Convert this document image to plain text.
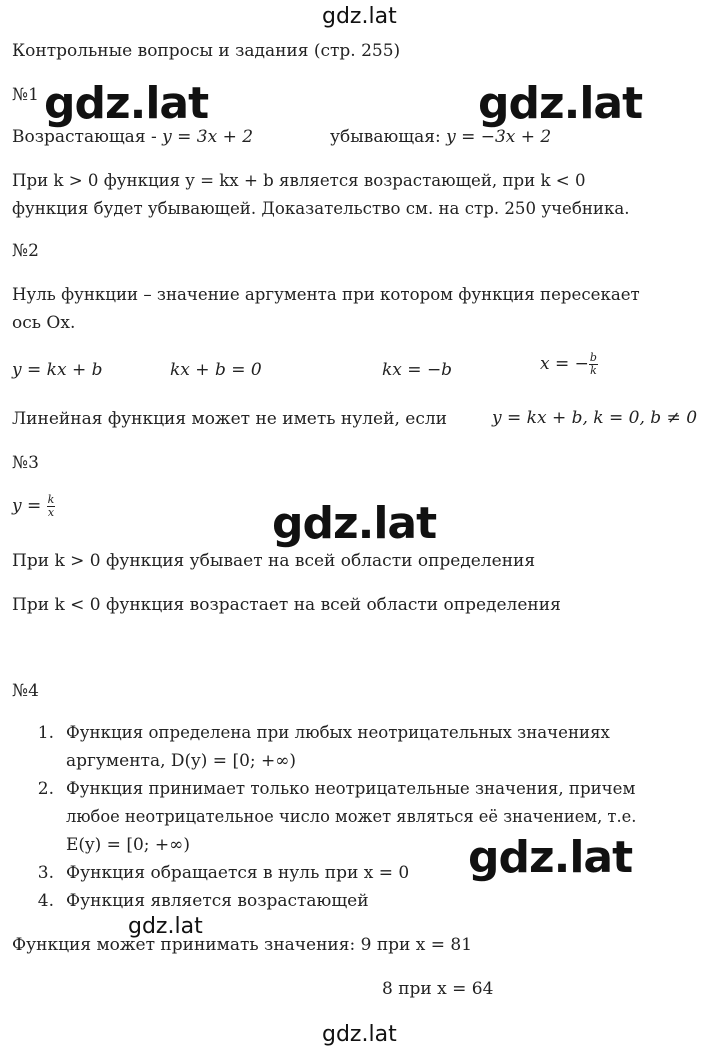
gdz.lat
gdz.lat	gdz.lat
gdz.lat
gdz.lat
gdz.lat
gdz.lat
Контрольные вопросы и задания (стр. 255)
№1
Возрастающая - y = 3x + 2	убывающая: y = −3x + 2
При k > 0 функция y = kx + b является возрастающей, при k < 0
функция будет убывающей. Доказательство см. на стр. 250 учебника.
№2
Нуль функции – значение аргумента при котором функция пересекает
ось Ox.
y = kx + b	kx + b = 0	kx = −b	x = − $\frac{b}{k}$
Линейная функция может не иметь нулей, если	y = kx + b, k = 0, b ≠ 0
№3
$y = \frac{k}{x}$
При k > 0 функция убывает на всей области определения
При k < 0 функция возрастает на всей области определения
№4
1. Функция определена при любых неотрицательных значениях
аргумента, D(y) = [0; +∞)
2. Функция принимает только неотрицательные значения, причем
любое неотрицательное число может являться её значением, т.е.
E(y) = [0; +∞)
3. Функция обращается в нуль при x = 0
4. Функция является возрастающей
Функция может принимать значения: 9 при x = 81
8 при x = 64
